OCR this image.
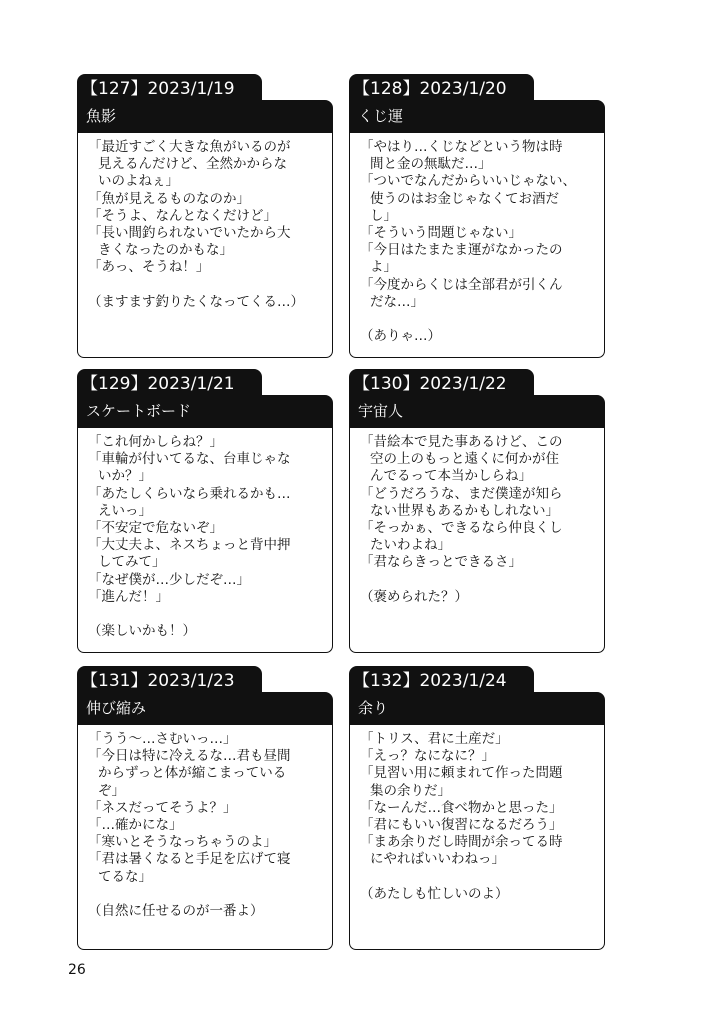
【127】2023/1/19
魚影
「最近すごく大きな魚がいるのが
見えるんだけど、全然かからな
いのよねぇ」
「魚が見えるものなのか」
「そうよ、なんとなくだけど」
「長い間釣られないでいたから大
きくなったのかもな」
「あっ、そうね！」
（ますます釣りたくなってくる…）
【128】2023/1/20
くじ運
「やはり…くじなどという物は時
間と金の無駄だ…」
「ついでなんだからいいじゃない、
使うのはお金じゃなくてお酒だ
し」
「そういう問題じゃない」
「今日はたまたま運がなかったの
よ」
「今度からくじは全部君が引くん
だな…」
（ありゃ…）
【129】2023/1/21
スケートボード
「これ何かしらね？」
「車輪が付いてるな、台車じゃな
いか？」
「あたしくらいなら乗れるかも…
えいっ」
「不安定で危ないぞ」
「大丈夫よ、ネスちょっと背中押
してみて」
「なぜ僕が…少しだぞ…」
「進んだ！」
（楽しいかも！）
【130】2023/1/22
宇宙人
「昔絵本で見た事あるけど、この
空の上のもっと遠くに何かが住
んでるって本当かしらね」
「どうだろうな、まだ僕達が知ら
ない世界もあるかもしれない」
「そっかぁ、できるなら仲良くし
たいわよね」
「君ならきっとできるさ」
（褒められた？）
【131】2023/1/23
伸び縮み
「うう〜…さむいっ…」
「今日は特に冷えるな…君も昼間
からずっと体が縮こまっている
ぞ」
「ネスだってそうよ？」
「…確かにな」
「寒いとそうなっちゃうのよ」
「君は暑くなると手足を広げて寝
てるな」
（自然に任せるのが一番よ）
【132】2023/1/24
余り
「トリス、君に土産だ」
「えっ？なになに？」
「見習い用に頼まれて作った問題
集の余りだ」
「なーんだ…食べ物かと思った」
「君にもいい復習になるだろう」
「まあ余りだし時間が余ってる時
にやればいいわねっ」
（あたしも忙しいのよ）
26
